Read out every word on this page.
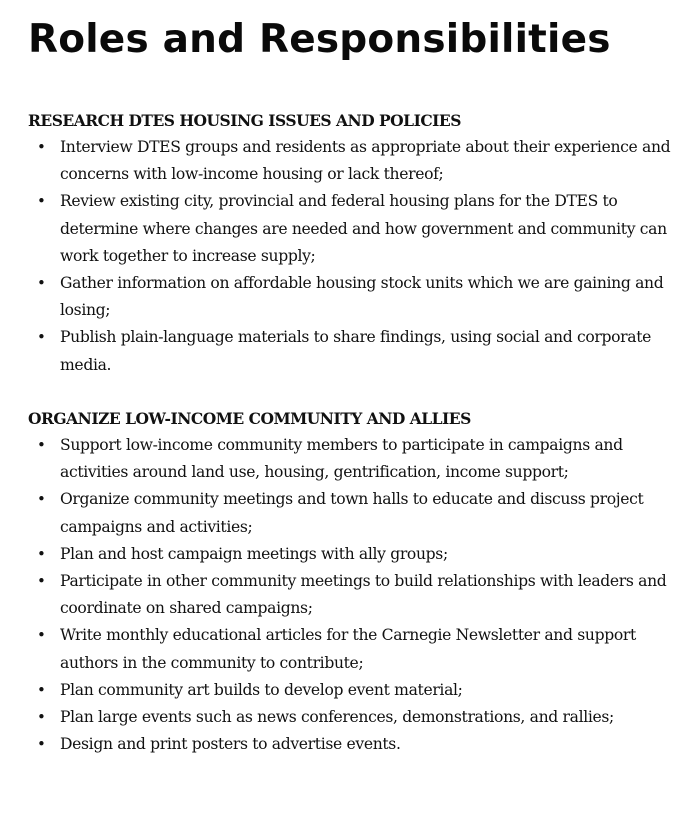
Roles and Responsibilities
RESEARCH DTES HOUSING ISSUES AND POLICIES
• Interview DTES groups and residents as appropriate about their experience and concerns with low-income housing or lack thereof;
• Review existing city, provincial and federal housing plans for the DTES to determine where changes are needed and how government and community can work together to increase supply;
• Gather information on affordable housing stock units which we are gaining and losing;
• Publish plain-language materials to share findings, using social and corporate media.
ORGANIZE LOW-INCOME COMMUNITY AND ALLIES
• Support low-income community members to participate in campaigns and activities around land use, housing, gentrification, income support;
• Organize community meetings and town halls to educate and discuss project campaigns and activities;
• Plan and host campaign meetings with ally groups;
• Participate in other community meetings to build relationships with leaders and coordinate on shared campaigns;
• Write monthly educational articles for the Carnegie Newsletter and support authors in the community to contribute;
• Plan community art builds to develop event material;
• Plan large events such as news conferences, demonstrations, and rallies;
• Design and print posters to advertise events.
